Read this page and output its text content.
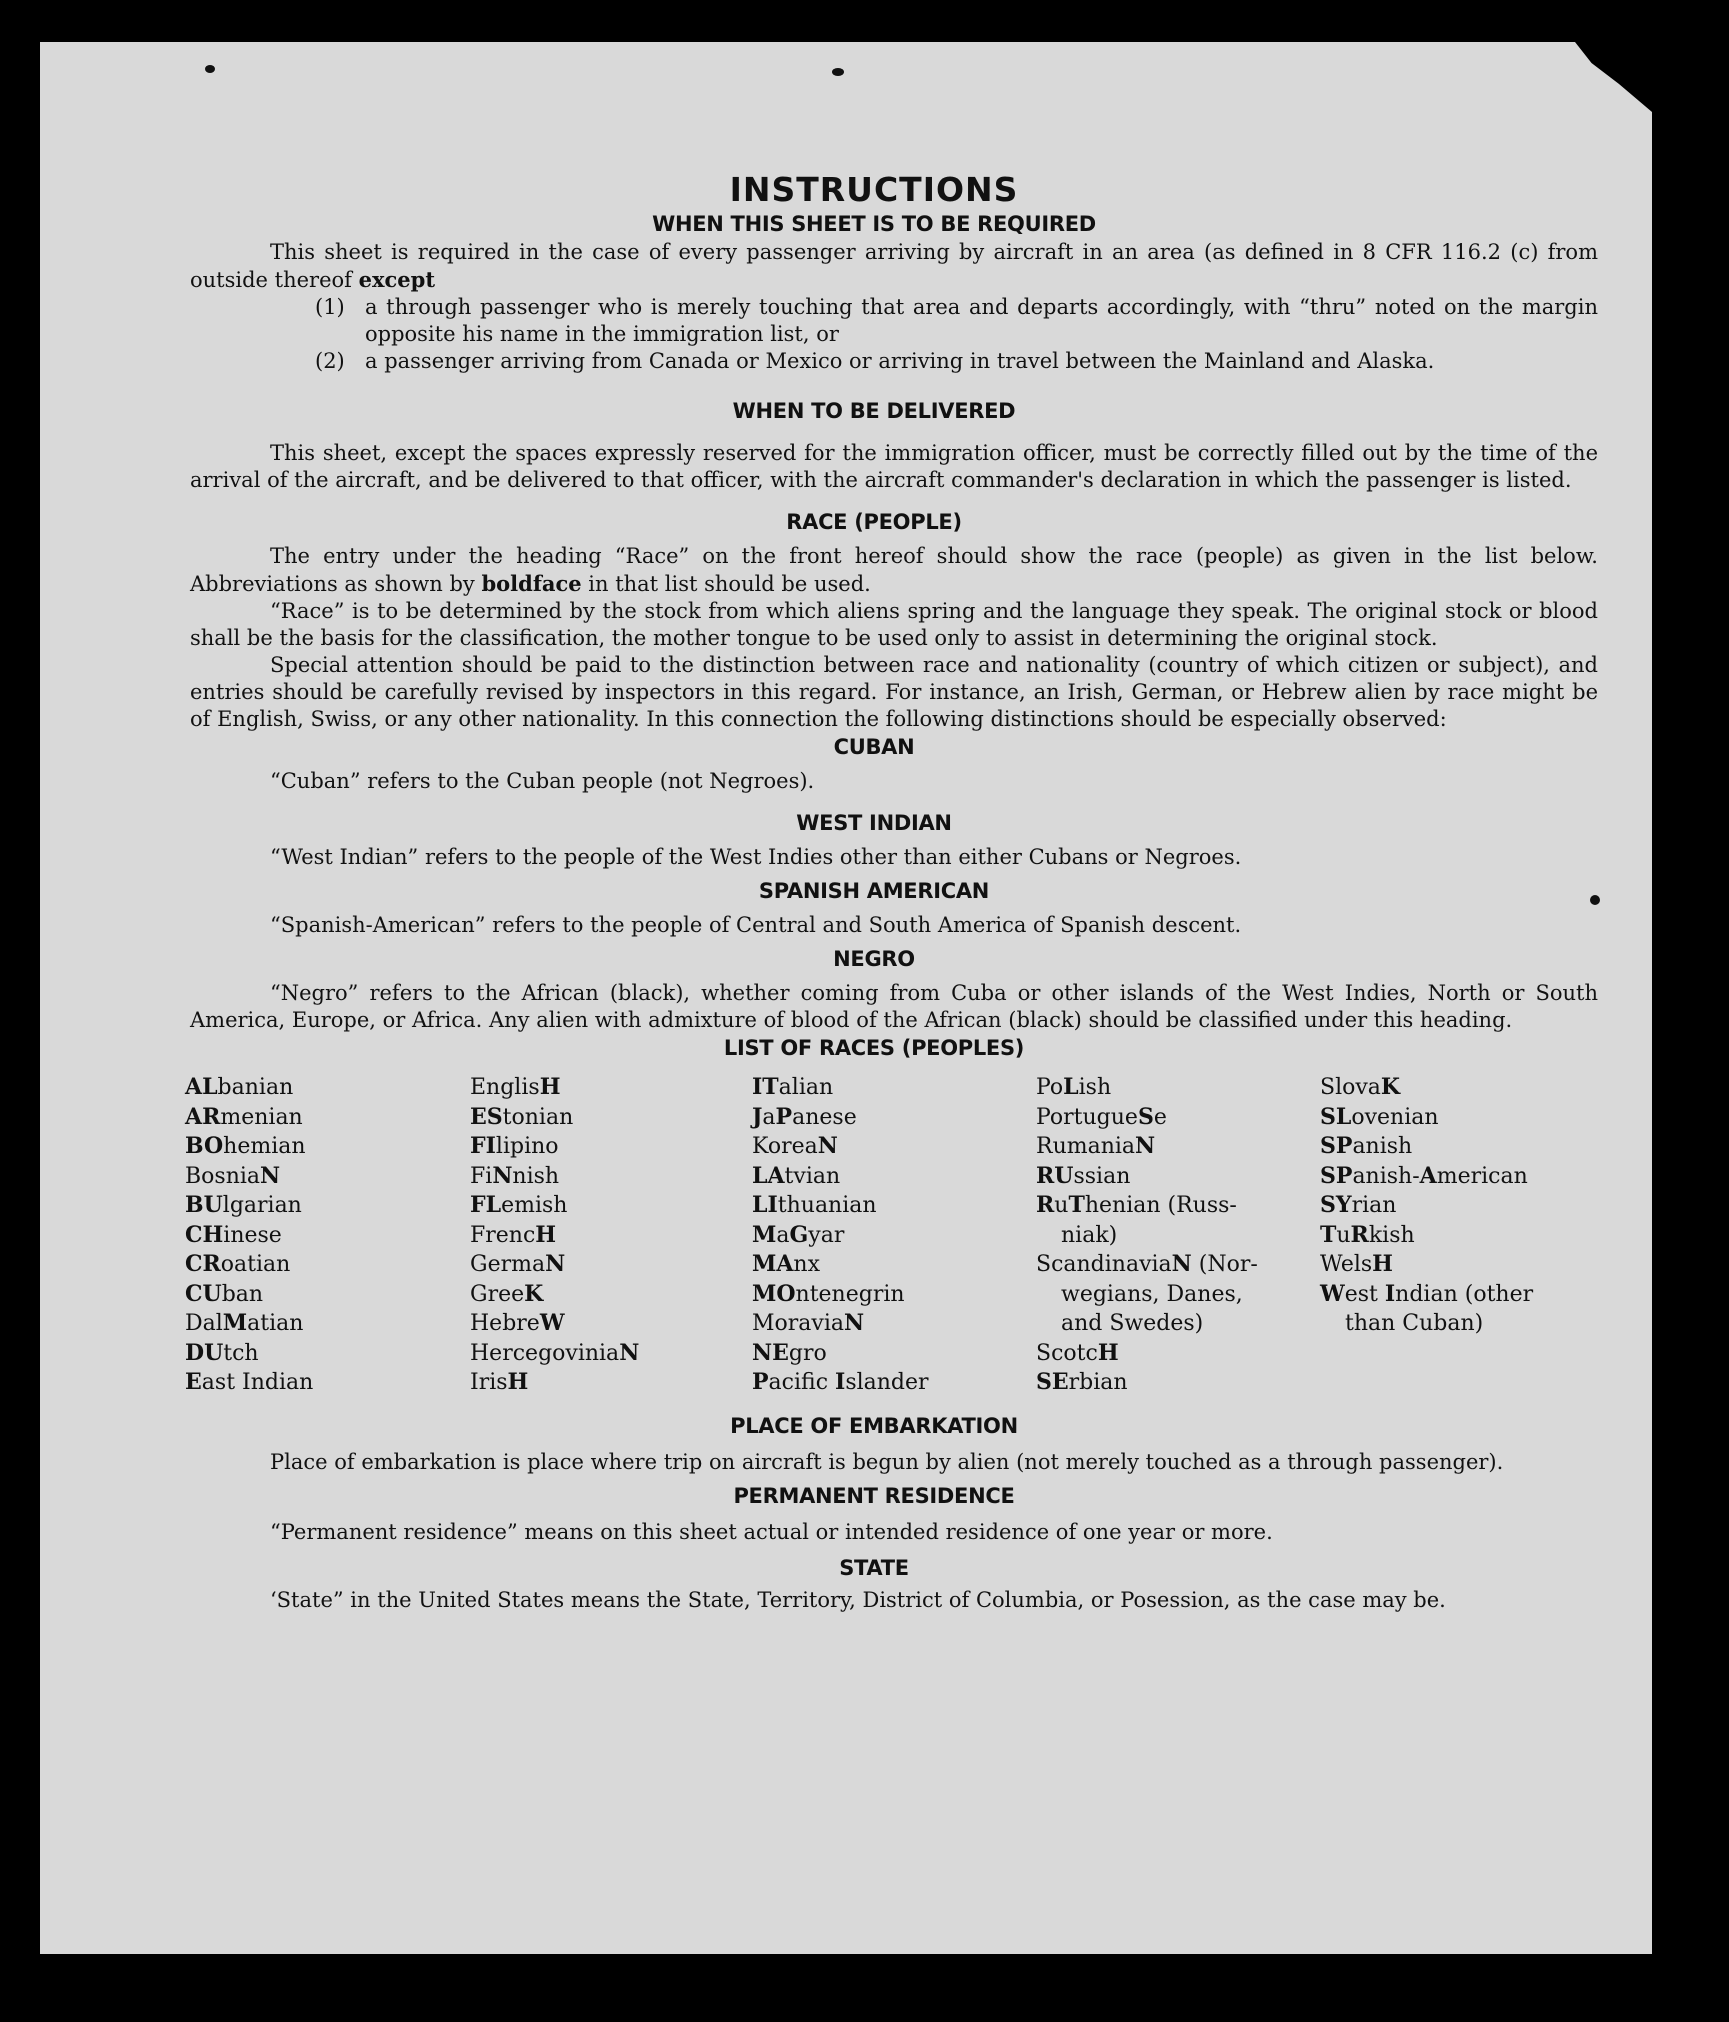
INSTRUCTIONS
WHEN THIS SHEET IS TO BE REQUIRED

This sheet is required in the case of every passenger arriving by aircraft in an area (as defined in 8 CFR 116.2 (c) from outside thereof except

(1) a through passenger who is merely touching that area and departs accordingly, with “thru” noted on the margin opposite his name in the immigration list, or
(2) a passenger arriving from Canada or Mexico or arriving in travel between the Mainland and Alaska.
WHEN TO BE DELIVERED

This sheet, except the spaces expressly reserved for the immigration officer, must be correctly filled out by the time of the arrival of the aircraft, and be delivered to that officer, with the aircraft commander's declaration in which the passenger is listed.

RACE (PEOPLE)

The entry under the heading “Race” on the front hereof should show the race (people) as given in the list below. Abbreviations as shown by boldface in that list should be used.

“Race” is to be determined by the stock from which aliens spring and the language they speak. The original stock or blood shall be the basis for the classification, the mother tongue to be used only to assist in determining the original stock.

Special attention should be paid to the distinction between race and nationality (country of which citizen or subject), and entries should be carefully revised by inspectors in this regard. For instance, an Irish, German, or Hebrew alien by race might be of English, Swiss, or any other nationality. In this connection the following distinctions should be especially observed:

CUBAN

“Cuban” refers to the Cuban people (not Negroes).

WEST INDIAN

“West Indian” refers to the people of the West Indies other than either Cubans or Negroes.

SPANISH AMERICAN

“Spanish-American” refers to the people of Central and South America of Spanish descent.

NEGRO

“Negro” refers to the African (black), whether coming from Cuba or other islands of the West Indies, North or South America, Europe, or Africa. Any alien with admixture of blood of the African (black) should be classified under this heading.

LIST OF RACES (PEOPLES)
ALbanian
ARmenian
BOhemian
BosniaN
BUlgarian
CHinese
CRoatian
CUban
DalMatian
DUtch
East Indian
EnglisH
EStonian
FIlipino
FiNnish
FLemish
FrencH
GermaN
GreeK
HebreW
HercegoviniaN
IrisH
ITalian
JaPanese
KoreaN
LAtvian
LIthuanian
MaGyar
MAnx
MOntenegrin
MoraviaN
NEgro
Pacific Islander
PoLish
PortugueSe
RumaniaN
RUssian
RuThenian (Russ-
niak)
ScandinaviaN (Nor-
wegians, Danes,
and Swedes)
ScotcH
SErbian
SlovaK
SLovenian
SPanish
SPanish-American
SYrian
TuRkish
WelsH
West Indian (other
than Cuban)
PLACE OF EMBARKATION

Place of embarkation is place where trip on aircraft is begun by alien (not merely touched as a through passenger).

PERMANENT RESIDENCE

“Permanent residence” means on this sheet actual or intended residence of one year or more.

STATE

‘State” in the United States means the State, Territory, District of Columbia, or Posession, as the case may be.
